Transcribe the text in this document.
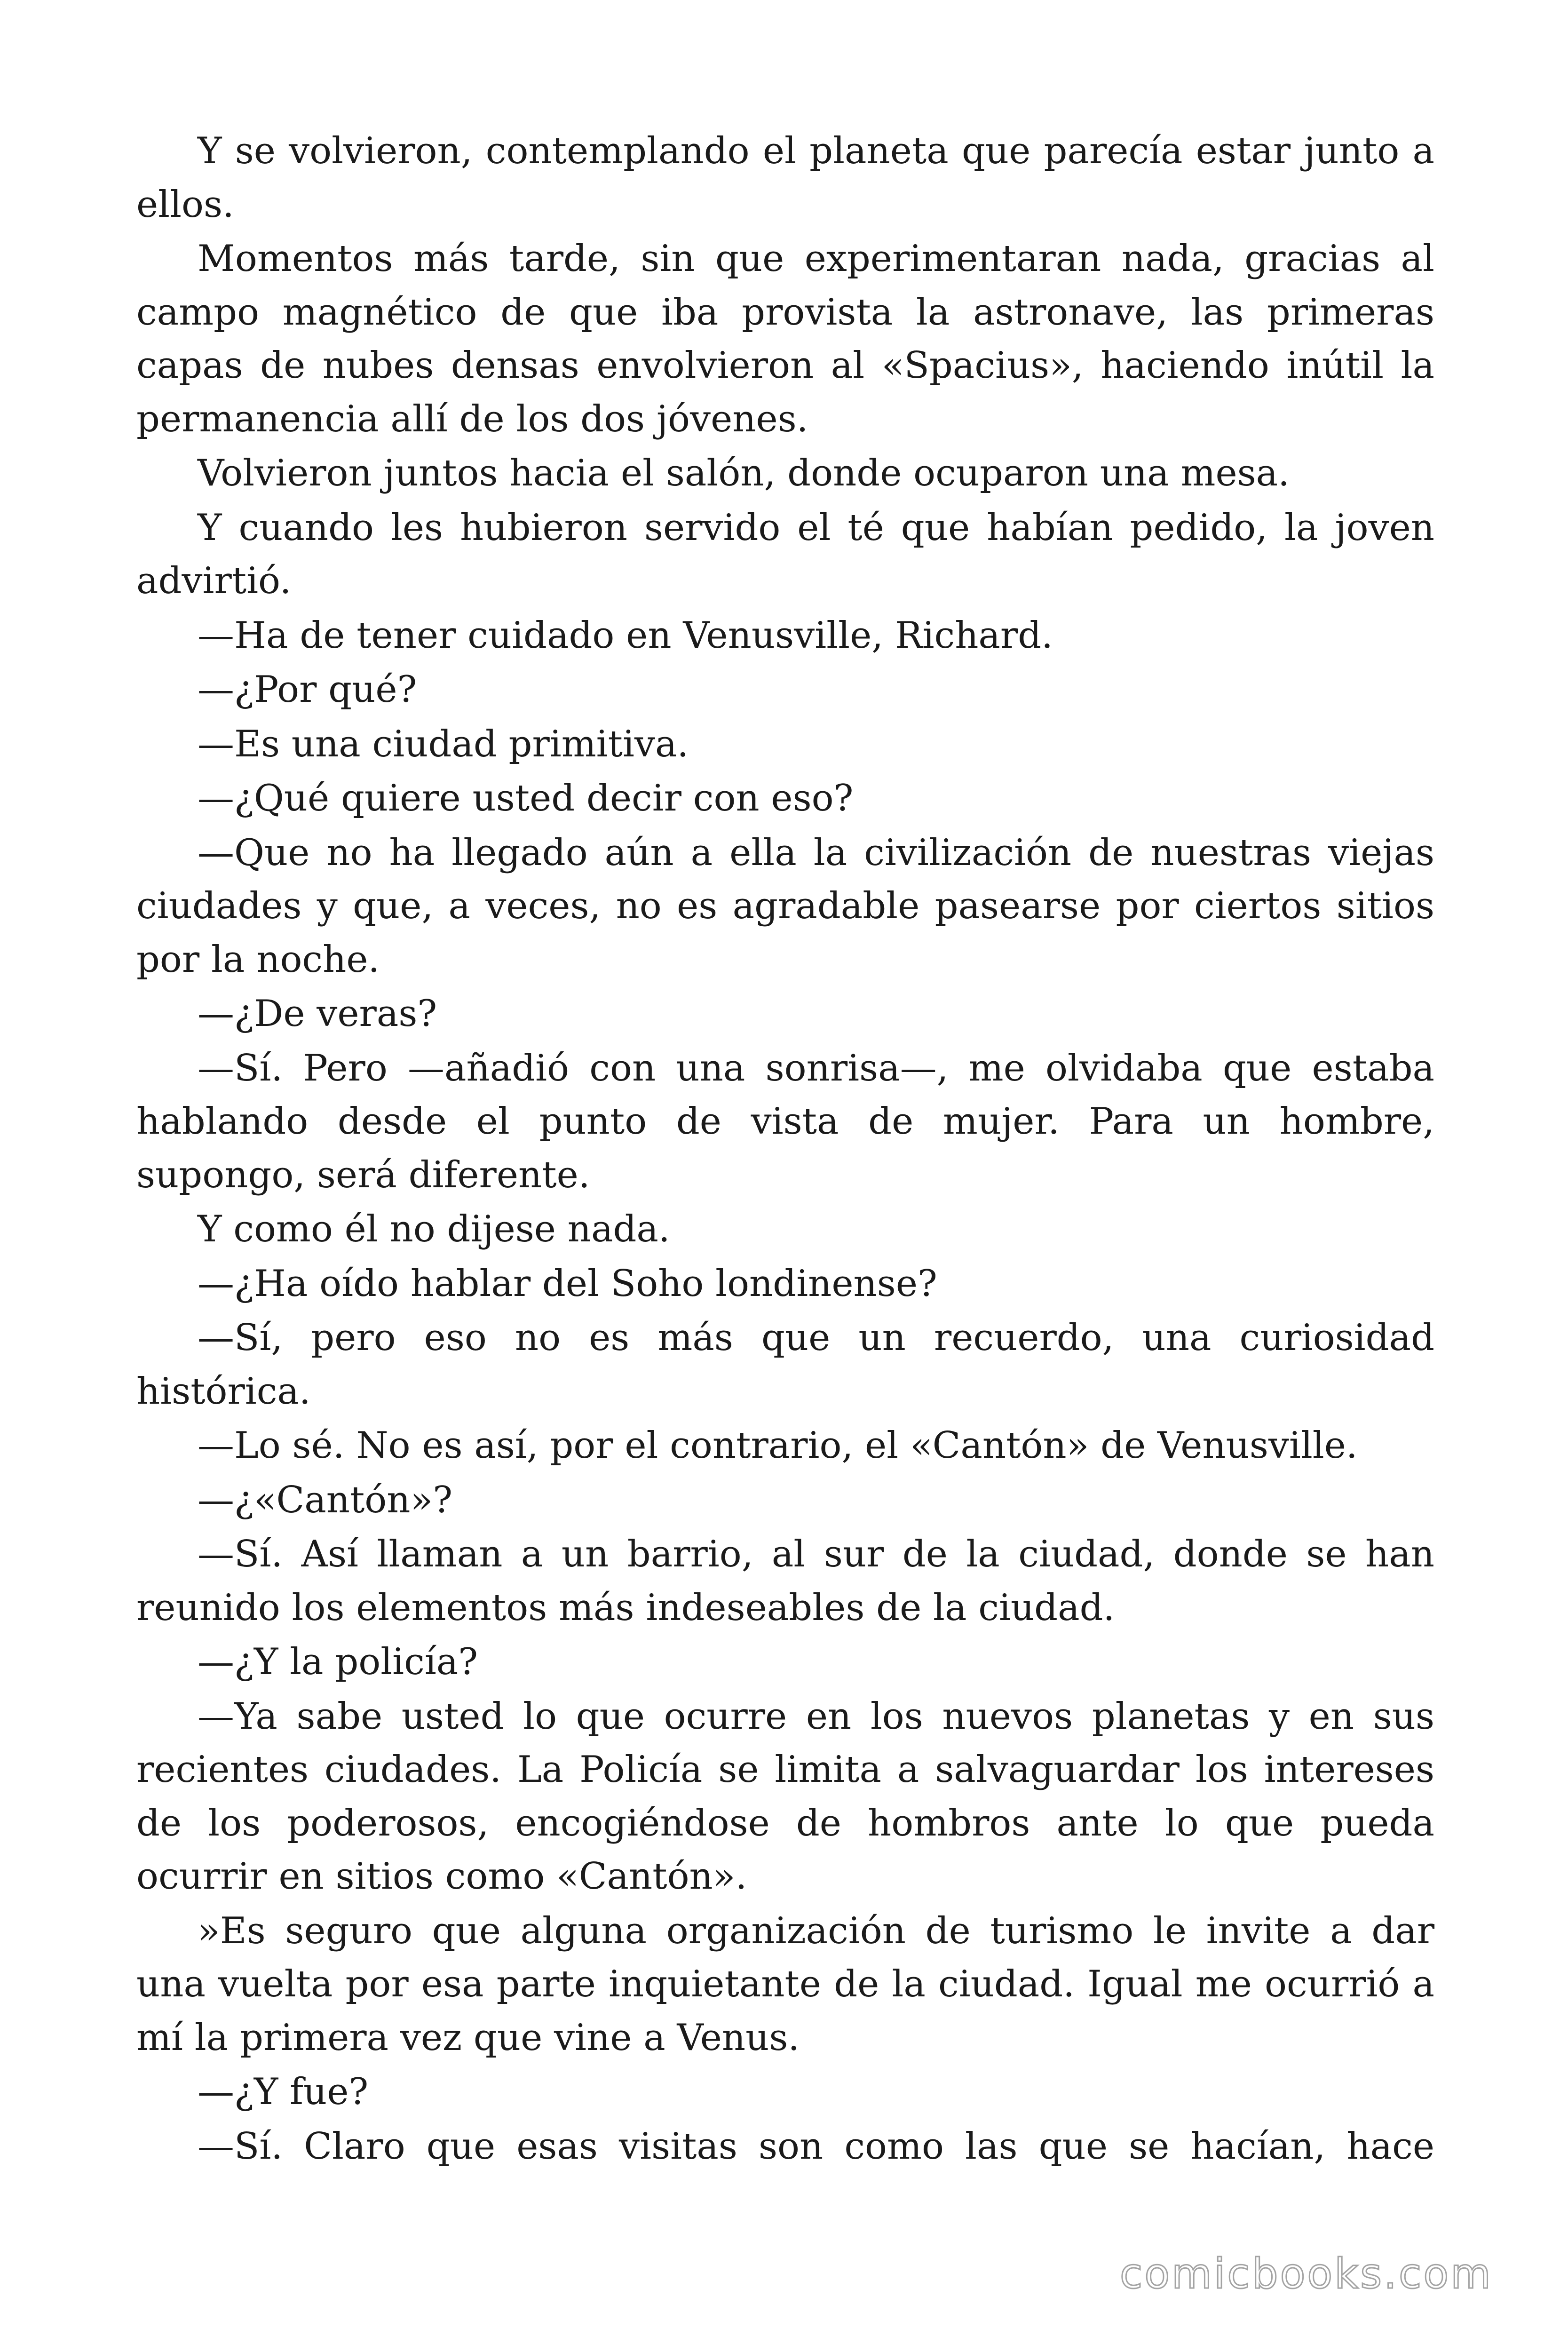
Y se volvieron, contemplando el planeta que parecía estar junto a ellos.

Momentos más tarde, sin que experimentaran nada, gracias al campo magnético de que iba provista la astronave, las primeras capas de nubes densas envolvieron al «Spacius», haciendo inútil la permanencia allí de los dos jóvenes.

Volvieron juntos hacia el salón, donde ocuparon una mesa.

Y cuando les hubieron servido el té que habían pedido, la joven advirtió.

—Ha de tener cuidado en Venusville, Richard.

—¿Por qué?

—Es una ciudad primitiva.

—¿Qué quiere usted decir con eso?

—Que no ha llegado aún a ella la civilización de nuestras viejas ciudades y que, a veces, no es agradable pasearse por ciertos sitios por la noche.

—¿De veras?

—Sí. Pero —añadió con una sonrisa—, me olvidaba que estaba hablando desde el punto de vista de mujer. Para un hombre, supongo, será diferente.

Y como él no dijese nada.

—¿Ha oído hablar del Soho londinense?

—Sí, pero eso no es más que un recuerdo, una curiosidad histórica.

—Lo sé. No es así, por el contrario, el «Cantón» de Venusville.

—¿«Cantón»?

—Sí. Así llaman a un barrio, al sur de la ciudad, donde se han reunido los elementos más indeseables de la ciudad.

—¿Y la policía?

—Ya sabe usted lo que ocurre en los nuevos planetas y en sus recientes ciudades. La Policía se limita a salvaguardar los intereses de los poderosos, encogiéndose de hombros ante lo que pueda ocurrir en sitios como «Cantón».

»Es seguro que alguna organización de turismo le invite a dar una vuelta por esa parte inquietante de la ciudad. Igual me ocurrió a mí la primera vez que vine a Venus.

—¿Y fue?

—Sí. Claro que esas visitas son como las que se hacían, hace

comicbooks.com
